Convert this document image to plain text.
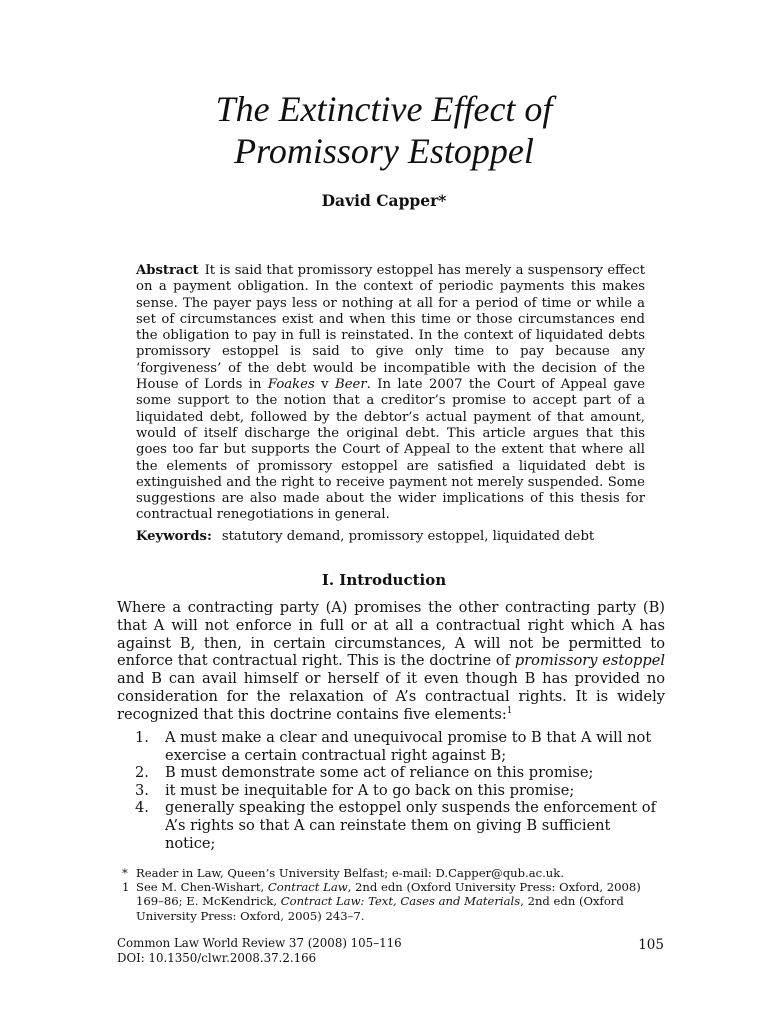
The Extinctive Effect of
Promissory Estoppel
David Capper*

Abstract It is said that promissory estoppel has merely a suspensory effect on a payment obligation. In the context of periodic payments this makes sense. The payer pays less or nothing at all for a period of time or while a set of circumstances exist and when this time or those circumstances end the obligation to pay in full is reinstated. In the context of liquidated debts promissory estoppel is said to give only time to pay because any ‘forgiveness’ of the debt would be incompatible with the decision of the House of Lords in Foakes v Beer. In late 2007 the Court of Appeal gave some support to the notion that a creditor’s promise to accept part of a liquidated debt, followed by the debtor’s actual payment of that amount, would of itself discharge the original debt. This article argues that this goes too far but supports the Court of Appeal to the extent that where all the elements of promissory estoppel are satisfied a liquidated debt is extinguished and the right to receive payment not merely suspended. Some suggestions are also made about the wider implications of this thesis for contractual renegotiations in general.

Keywords: statutory demand, promissory estoppel, liquidated debt
I. Introduction

Where a contracting party (A) promises the other contracting party (B) that A will not enforce in full or at all a contractual right which A has against B, then, in certain circumstances, A will not be permitted to enforce that contractual right. This is the doctrine of promissory estoppel and B can avail himself or herself of it even though B has provided no consideration for the relaxation of A’s contractual rights. It is widely recognized that this doctrine contains five elements:$^1$

1. A must make a clear and unequivocal promise to B that A will not exercise a certain contractual right against B;
2. B must demonstrate some act of reliance on this promise;
3. it must be inequitable for A to go back on this promise;
4. generally speaking the estoppel only suspends the enforcement of A’s rights so that A can reinstate them on giving B sufficient notice;
* Reader in Law, Queen’s University Belfast; e-mail: D.Capper@qub.ac.uk.
1 See M. Chen-Wishart, Contract Law, 2nd edn (Oxford University Press: Oxford, 2008) 169–86; E. McKendrick, Contract Law: Text, Cases and Materials, 2nd edn (Oxford University Press: Oxford, 2005) 243–7.
Common Law World Review 37 (2008) 105–116
DOI: 10.1350/clwr.2008.37.2.166
105
